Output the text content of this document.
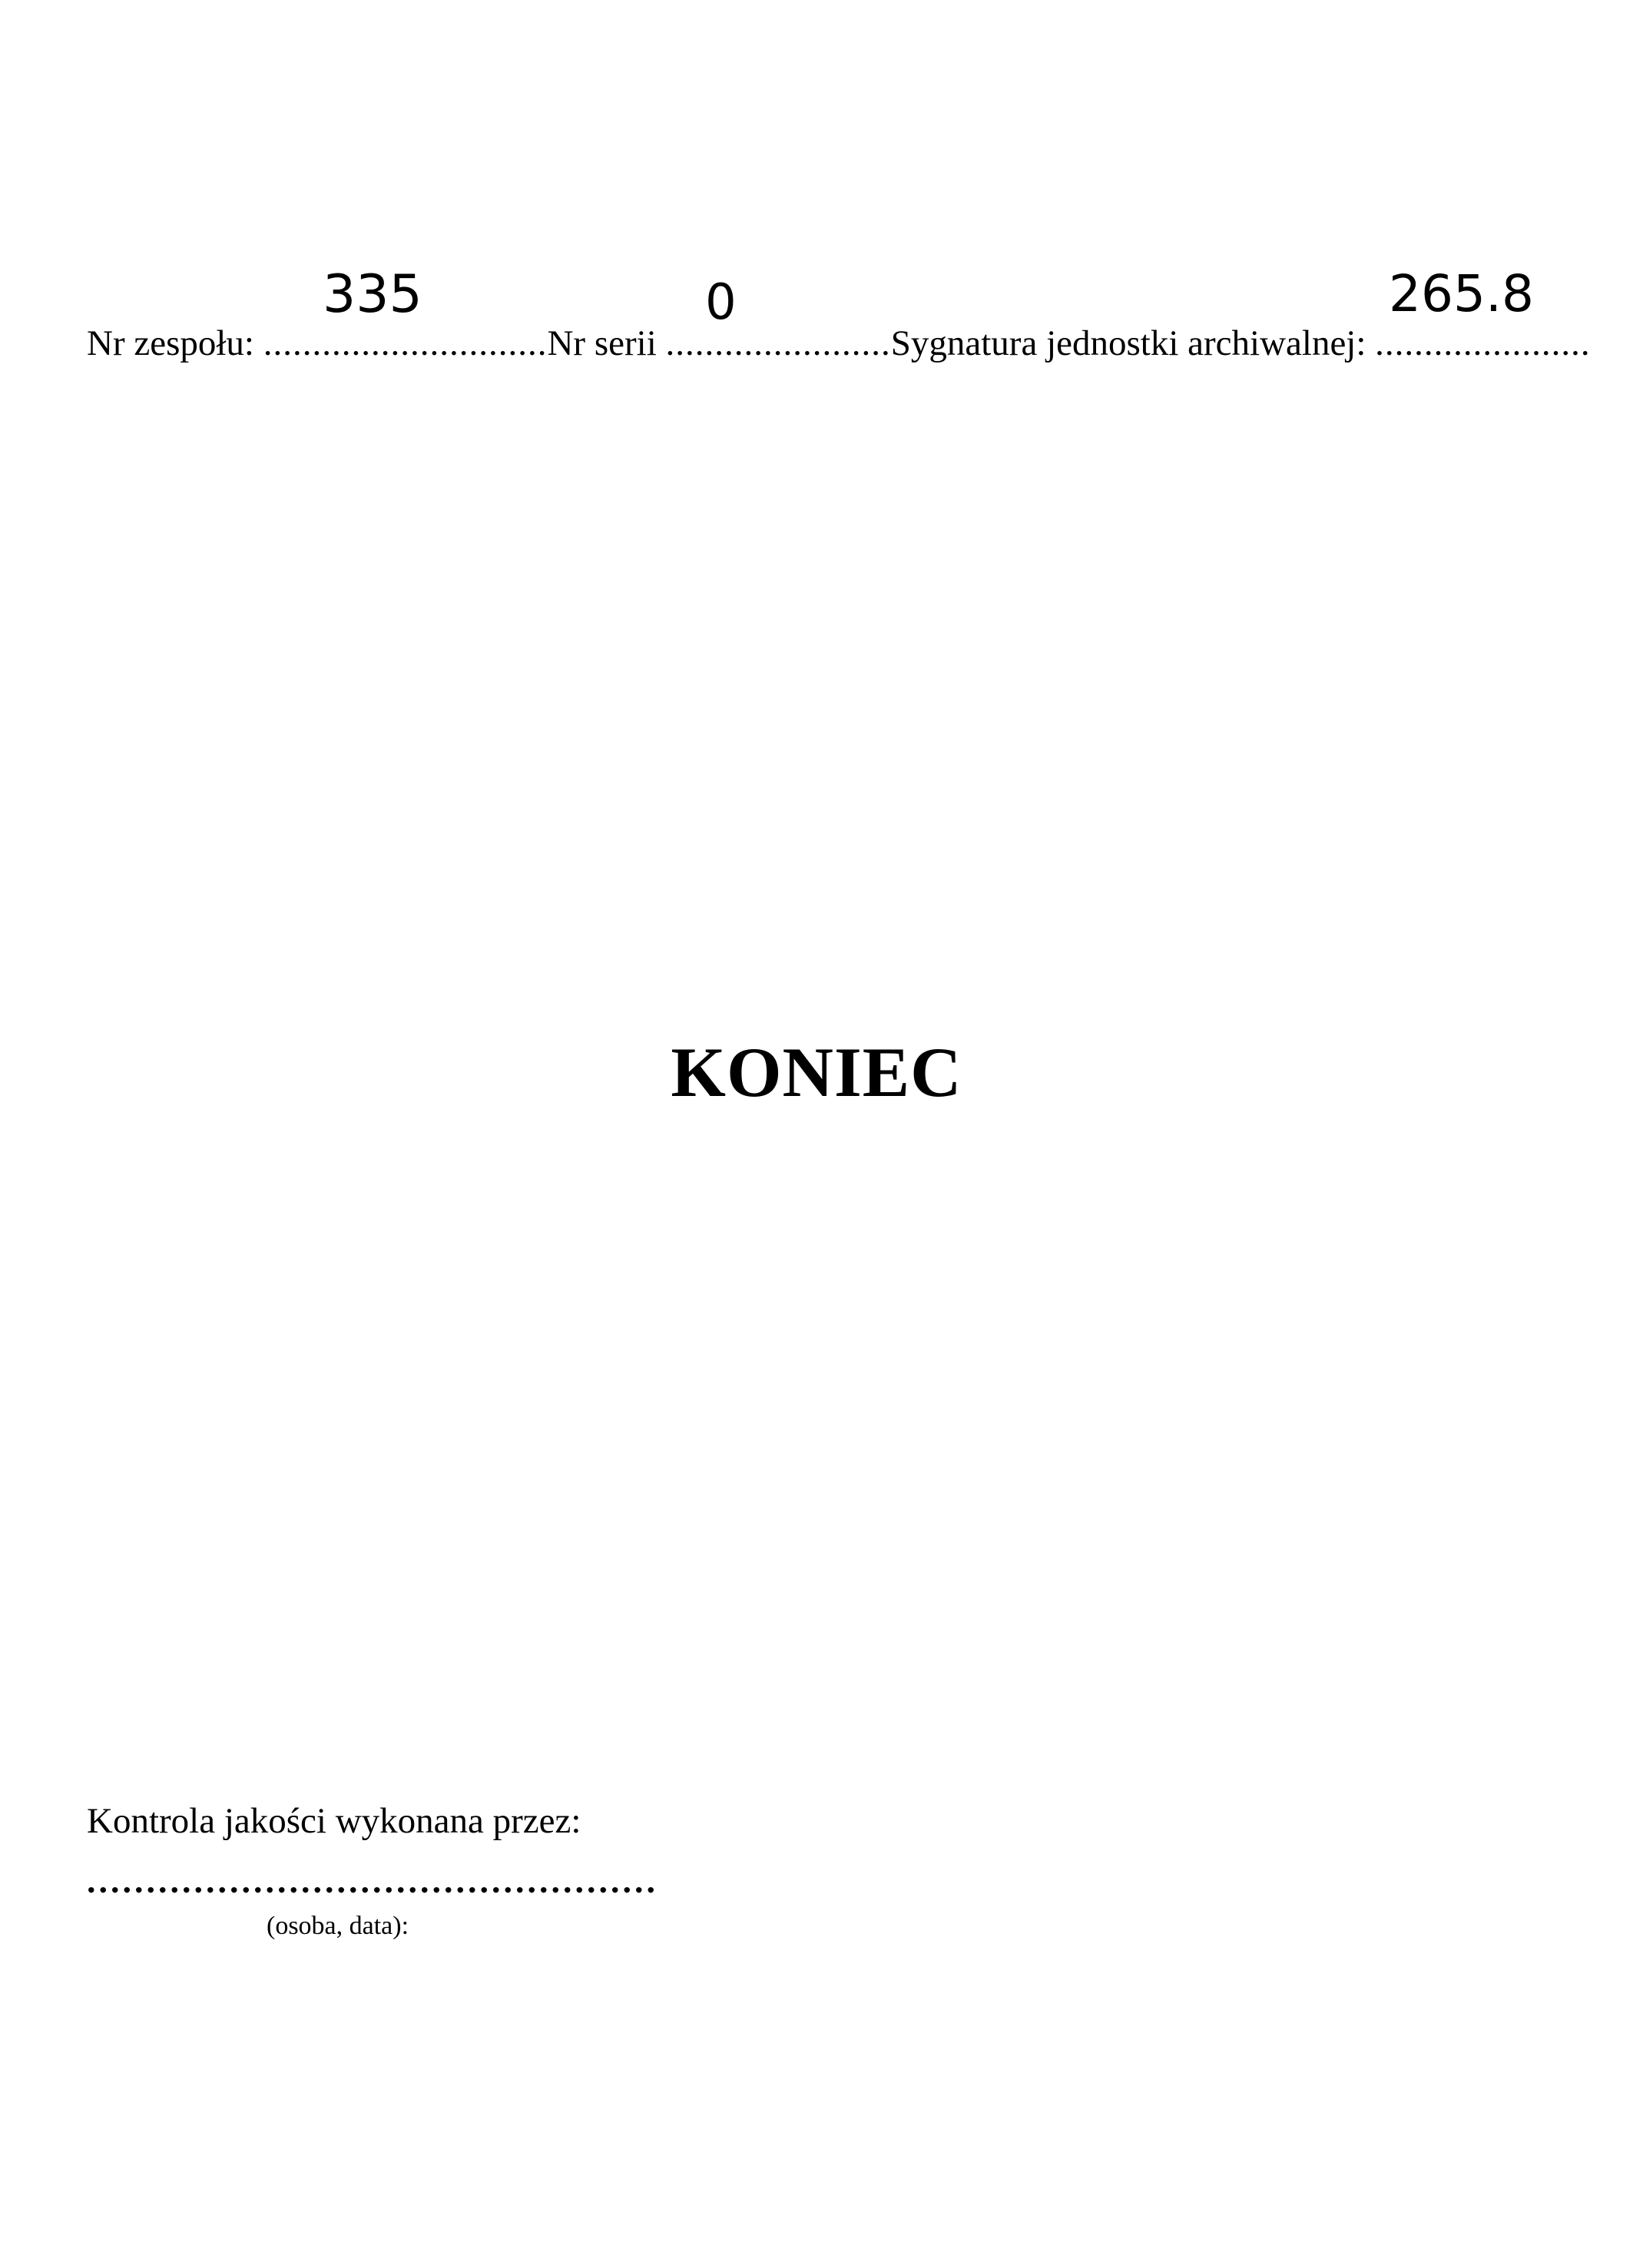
335	0	265.8
Nr zespołu: .............................Nr serii .......................Sygnatura jednostki archiwalnej: ......................
KONIEC
Kontrola jakości wykonana przez:
................................................
(osoba, data):
